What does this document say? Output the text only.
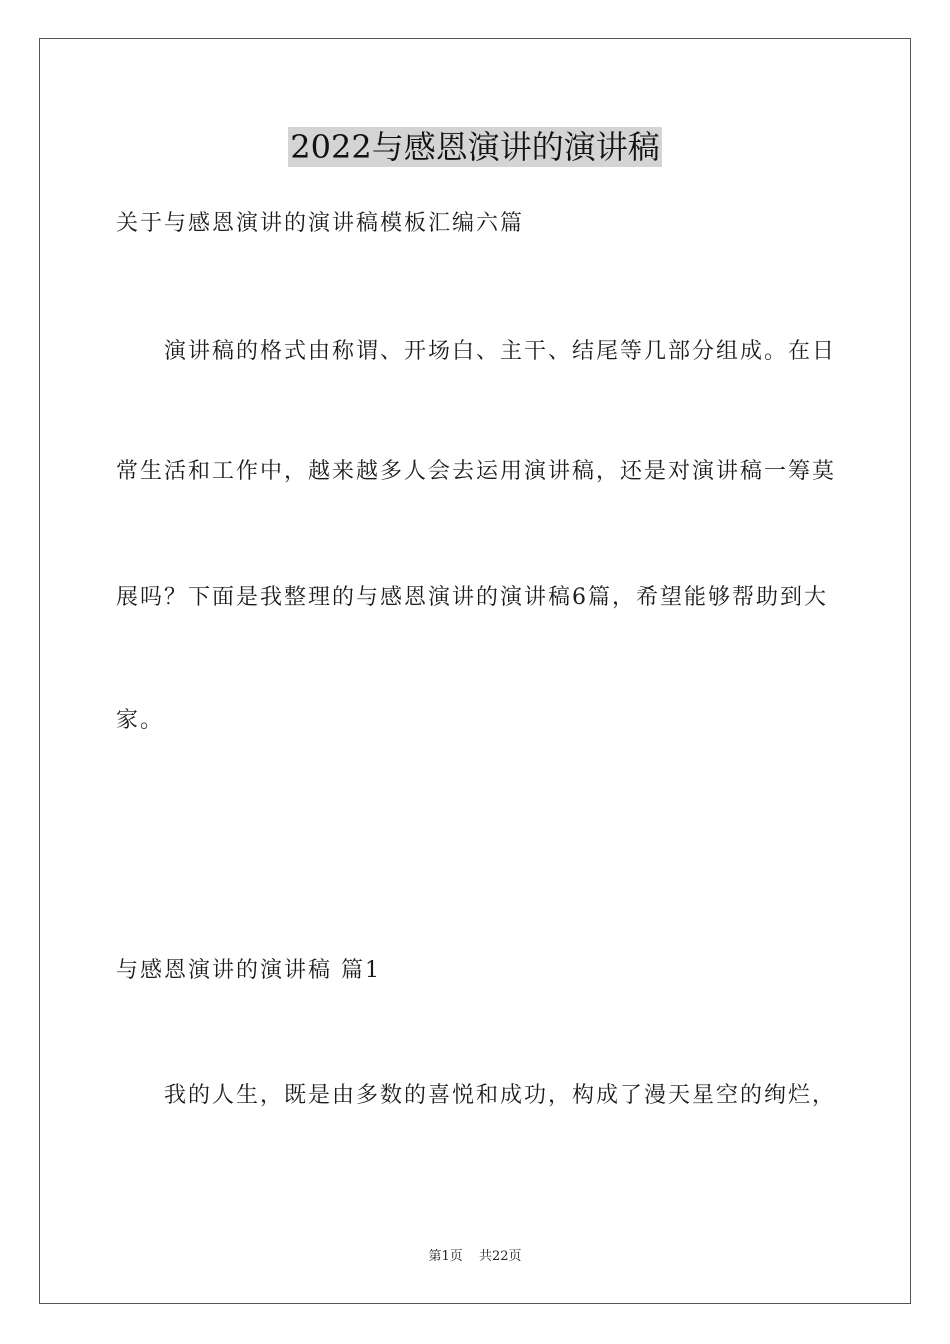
2022与感恩演讲的演讲稿
关于与感恩演讲的演讲稿模板汇编六篇
演讲稿的格式由称谓、开场白、主干、结尾等几部分组成。在日
常生活和工作中，越来越多人会去运用演讲稿，还是对演讲稿一筹莫
展吗？下面是我整理的与感恩演讲的演讲稿6篇，希望能够帮助到大
家。
与感恩演讲的演讲稿 篇1
我的人生，既是由多数的喜悦和成功，构成了漫天星空的绚烂，
第1页 共22页
